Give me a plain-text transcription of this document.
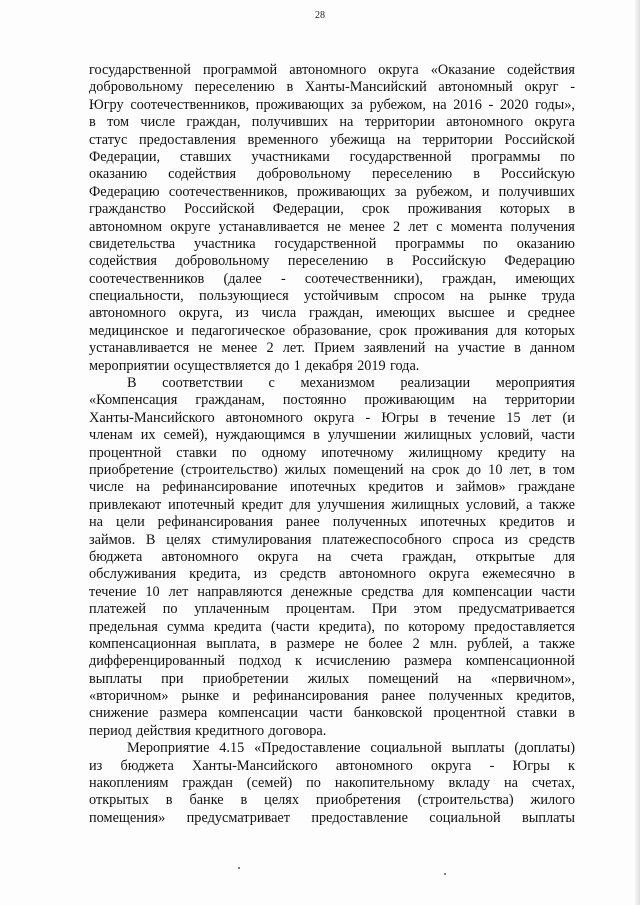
28
государственной программой автономного округа «Оказание содействия
добровольному переселению в Ханты-Мансийский автономный округ -
Югру соотечественников, проживающих за рубежом, на 2016 - 2020 годы»,
в том числе граждан, получивших на территории автономного округа
статус предоставления временного убежища на территории Российской
Федерации, ставших участниками государственной программы по
оказанию содействия добровольному переселению в Российскую
Федерацию соотечественников, проживающих за рубежом, и получивших
гражданство Российской Федерации, срок проживания которых в
автономном округе устанавливается не менее 2 лет с момента получения
свидетельства участника государственной программы по оказанию
содействия добровольному переселению в Российскую Федерацию
соотечественников (далее - соотечественники), граждан, имеющих
специальности, пользующиеся устойчивым спросом на рынке труда
автономного округа, из числа граждан, имеющих высшее и среднее
медицинское и педагогическое образование, срок проживания для которых
устанавливается не менее 2 лет. Прием заявлений на участие в данном
мероприятии осуществляется до 1 декабря 2019 года.
В соответствии с механизмом реализации мероприятия
«Компенсация гражданам, постоянно проживающим на территории
Ханты-Мансийского автономного округа - Югры в течение 15 лет (и
членам их семей), нуждающимся в улучшении жилищных условий, части
процентной ставки по одному ипотечному жилищному кредиту на
приобретение (строительство) жилых помещений на срок до 10 лет, в том
числе на рефинансирование ипотечных кредитов и займов» граждане
привлекают ипотечный кредит для улучшения жилищных условий, а также
на цели рефинансирования ранее полученных ипотечных кредитов и
займов. В целях стимулирования платежеспособного спроса из средств
бюджета автономного округа на счета граждан, открытые для
обслуживания кредита, из средств автономного округа ежемесячно в
течение 10 лет направляются денежные средства для компенсации части
платежей по уплаченным процентам. При этом предусматривается
предельная сумма кредита (части кредита), по которому предоставляется
компенсационная выплата, в размере не более 2 млн. рублей, а также
дифференцированный подход к исчислению размера компенсационной
выплаты при приобретении жилых помещений на «первичном»,
«вторичном» рынке и рефинансирования ранее полученных кредитов,
снижение размера компенсации части банковской процентной ставки в
период действия кредитного договора.
Мероприятие 4.15 «Предоставление социальной выплаты (доплаты)
из бюджета Ханты-Мансийского автономного округа - Югры к
накоплениям граждан (семей) по накопительному вкладу на счетах,
открытых в банке в целях приобретения (строительства) жилого
помещения» предусматривает предоставление социальной выплаты
